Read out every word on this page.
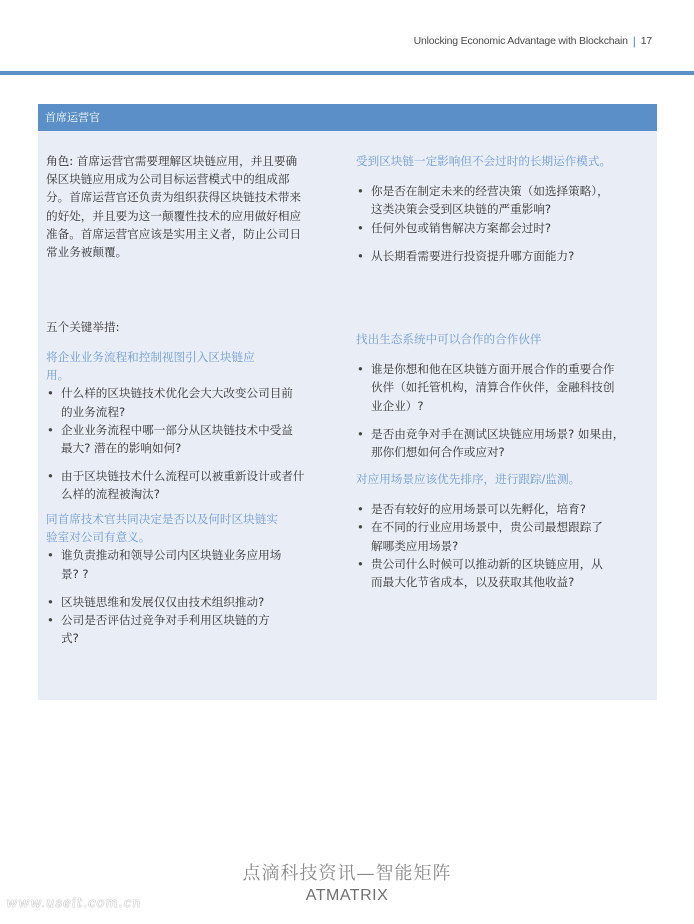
Unlocking Economic Advantage with Blockchain | 17
首席运营官

角色: 首席运营官需要理解区块链应用，并且要确保区块链应用成为公司目标运营模式中的组成部分。首席运营官还负责为组织获得区块链技术带来的好处，并且要为这一颠覆性技术的应用做好相应准备。首席运营官应该是实用主义者，防止公司日常业务被颠覆。

五个关键举措:
将企业业务流程和控制视图引入区块链应用。
• 什么样的区块链技术优化会大大改变公司目前的业务流程?
• 企业业务流程中哪一部分从区块链技术中受益最大? 潜在的影响如何?
• 由于区块链技术什么流程可以被重新设计或者什么样的流程被淘汰?
同首席技术官共同决定是否以及何时区块链实验室对公司有意义。
• 谁负责推动和领导公司内区块链业务应用场景? ?
• 区块链思维和发展仅仅由技术组织推动?
• 公司是否评估过竞争对手利用区块链的方式?
受到区块链一定影响但不会过时的长期运作模式。
• 你是否在制定未来的经营决策（如选择策略），这类决策会受到区块链的严重影响?
• 任何外包或销售解决方案都会过时?
• 从长期看需要进行投资提升哪方面能力?
找出生态系统中可以合作的合作伙伴
• 谁是你想和他在区块链方面开展合作的重要合作伙伴（如托管机构，清算合作伙伴，金融科技创业企业）?
• 是否由竞争对手在测试区块链应用场景? 如果由，那你们想如何合作或应对?
对应用场景应该优先排序，进行跟踪/监测。
• 是否有较好的应用场景可以先孵化，培育?
• 在不同的行业应用场景中，贵公司最想跟踪了解哪类应用场景?
• 贵公司什么时候可以推动新的区块链应用，从而最大化节省成本，以及获取其他收益?
点滴科技资讯—智能矩阵
ATMATRIX
www.useit.com.cn
